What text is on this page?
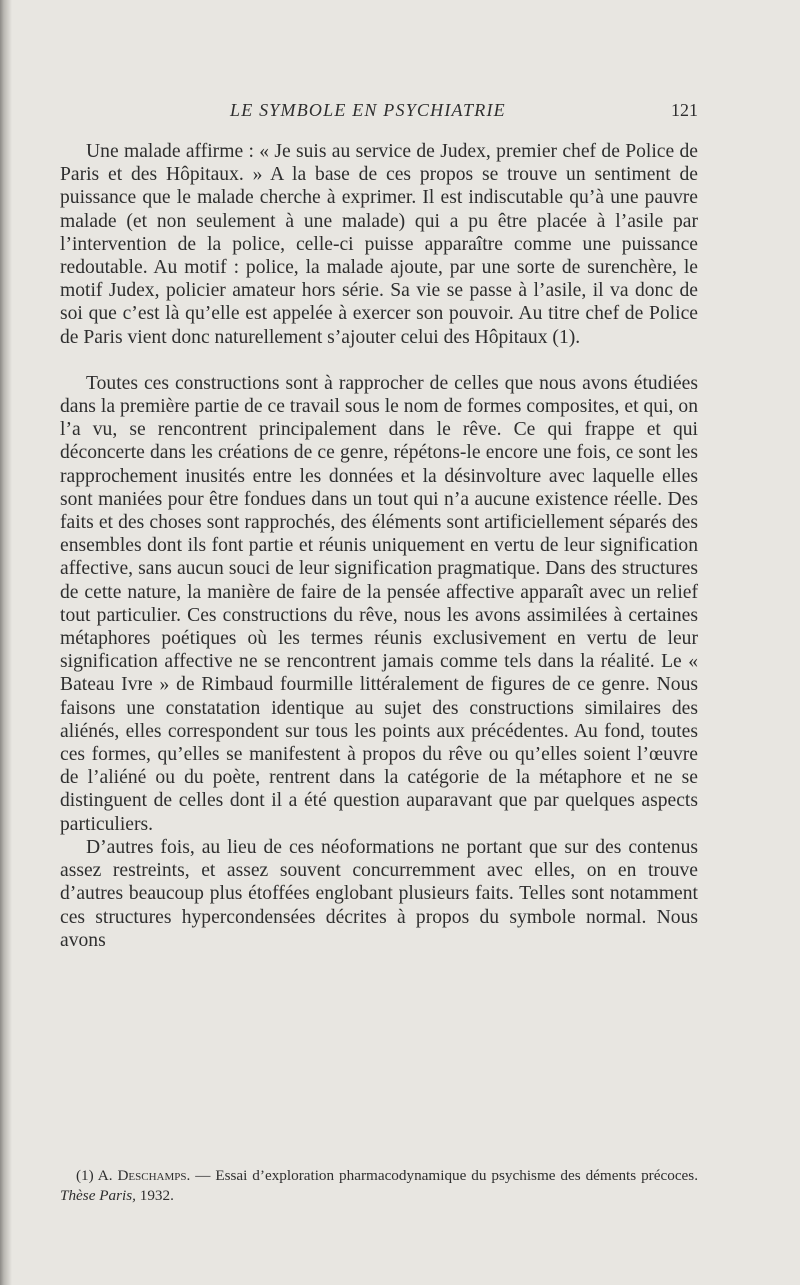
LE SYMBOLE EN PSYCHIATRIE	121

Une malade affirme : « Je suis au service de Judex, premier chef de Police de Paris et des Hôpitaux. » A la base de ces propos se trouve un sentiment de puissance que le malade cherche à exprimer. Il est indiscutable qu’à une pauvre malade (et non seulement à une malade) qui a pu être placée à l’asile par l’intervention de la police, celle-ci puisse apparaître comme une puissance redoutable. Au motif : police, la malade ajoute, par une sorte de surenchère, le motif Judex, policier amateur hors série. Sa vie se passe à l’asile, il va donc de soi que c’est là qu’elle est appelée à exercer son pouvoir. Au titre chef de Police de Paris vient donc naturellement s’ajouter celui des Hôpitaux (1).

Toutes ces constructions sont à rapprocher de celles que nous avons étudiées dans la première partie de ce travail sous le nom de formes composites, et qui, on l’a vu, se rencontrent principalement dans le rêve. Ce qui frappe et qui déconcerte dans les créations de ce genre, répétons-le encore une fois, ce sont les rapprochement inusités entre les données et la désinvolture avec laquelle elles sont maniées pour être fondues dans un tout qui n’a aucune existence réelle. Des faits et des choses sont rapprochés, des éléments sont artificiellement séparés des ensembles dont ils font partie et réunis uniquement en vertu de leur signification affective, sans aucun souci de leur signification pragmatique. Dans des structures de cette nature, la manière de faire de la pensée affective apparaît avec un relief tout particulier. Ces constructions du rêve, nous les avons assimilées à certaines métaphores poétiques où les termes réunis exclusivement en vertu de leur signification affective ne se rencontrent jamais comme tels dans la réalité. Le « Bateau Ivre » de Rimbaud fourmille littéralement de figures de ce genre. Nous faisons une constatation identique au sujet des constructions similaires des aliénés, elles correspondent sur tous les points aux précédentes. Au fond, toutes ces formes, qu’elles se manifestent à propos du rêve ou qu’elles soient l’œuvre de l’aliéné ou du poète, rentrent dans la catégorie de la métaphore et ne se distinguent de celles dont il a été question auparavant que par quelques aspects particuliers.

D’autres fois, au lieu de ces néoformations ne portant que sur des contenus assez restreints, et assez souvent concurremment avec elles, on en trouve d’autres beaucoup plus étoffées englobant plusieurs faits. Telles sont notamment ces structures hypercondensées décrites à propos du symbole normal. Nous avons

(1) A. Deschamps. — Essai d’exploration pharmacodynamique du psychisme des déments précoces. Thèse Paris, 1932.
